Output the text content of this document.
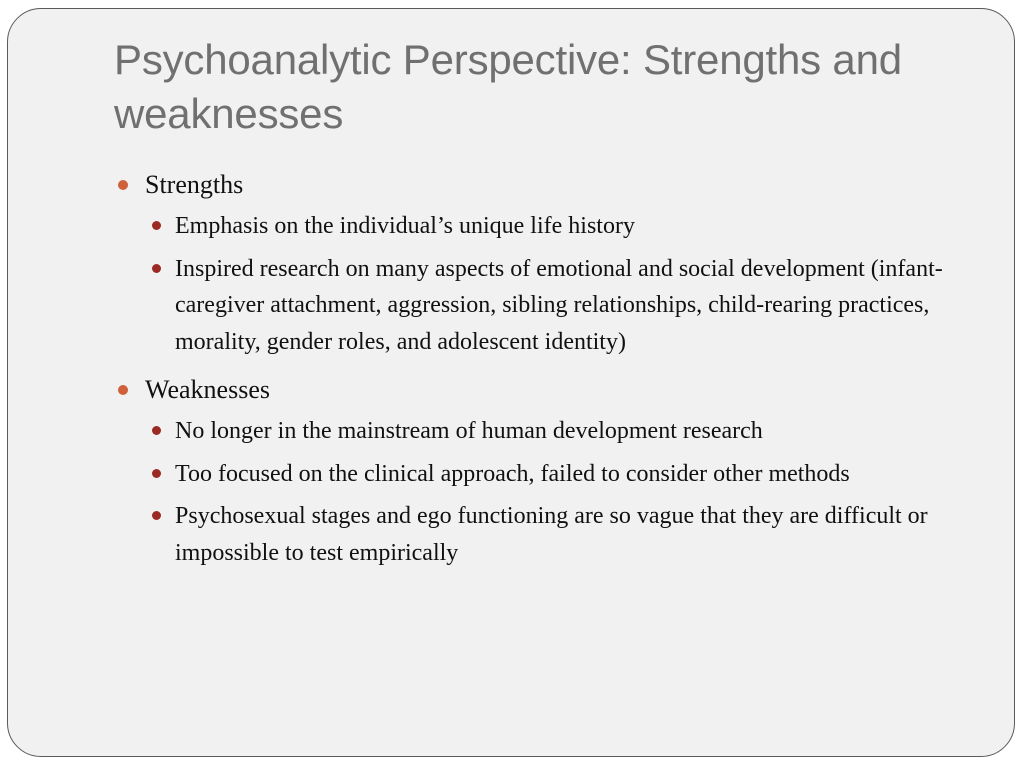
Psychoanalytic Perspective: Strengths and weaknesses
Strengths
Emphasis on the individual’s unique life history
Inspired research on many aspects of emotional and social development (infant-caregiver attachment, aggression, sibling relationships, child-rearing practices, morality, gender roles, and adolescent identity)
Weaknesses
No longer in the mainstream of human development research
Too focused on the clinical approach, failed to consider other methods
Psychosexual stages and ego functioning are so vague that they are difficult or impossible to test empirically
